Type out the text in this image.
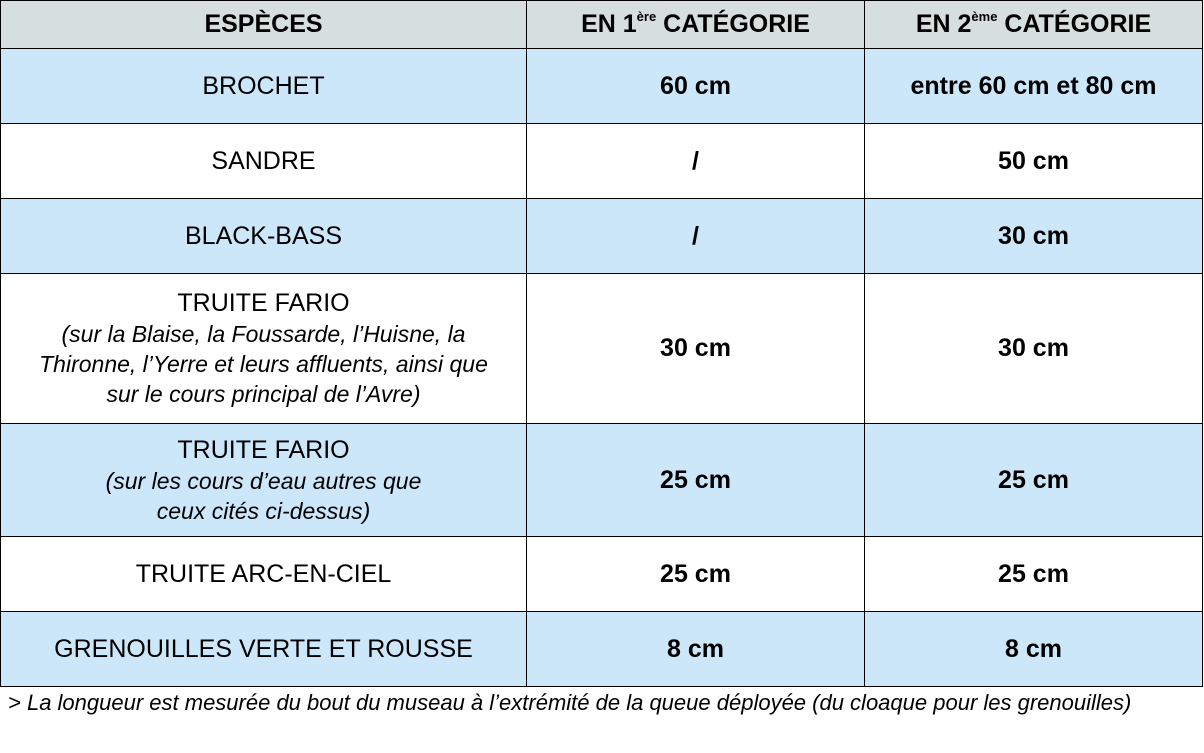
ESPÈCES	EN 1ère CATÉGORIE	EN 2ème CATÉGORIE
BROCHET	60 cm	entre 60 cm et 80 cm
SANDRE	/	50 cm
BLACK-BASS	/	30 cm

TRUITE FARIO
(sur la Blaise, la Foussarde, l’Huisne, la
Thironne, l’Yerre et leurs affluents, ainsi que
sur le cours principal de l’Avre)	30 cm	30 cm

TRUITE FARIO
(sur les cours d’eau autres que
ceux cités ci-dessus)	25 cm	25 cm
TRUITE ARC-EN-CIEL	25 cm	25 cm
GRENOUILLES VERTE ET ROUSSE	8 cm	8 cm
> La longueur est mesurée du bout du museau à l’extrémité de la queue déployée (du cloaque pour les grenouilles)
